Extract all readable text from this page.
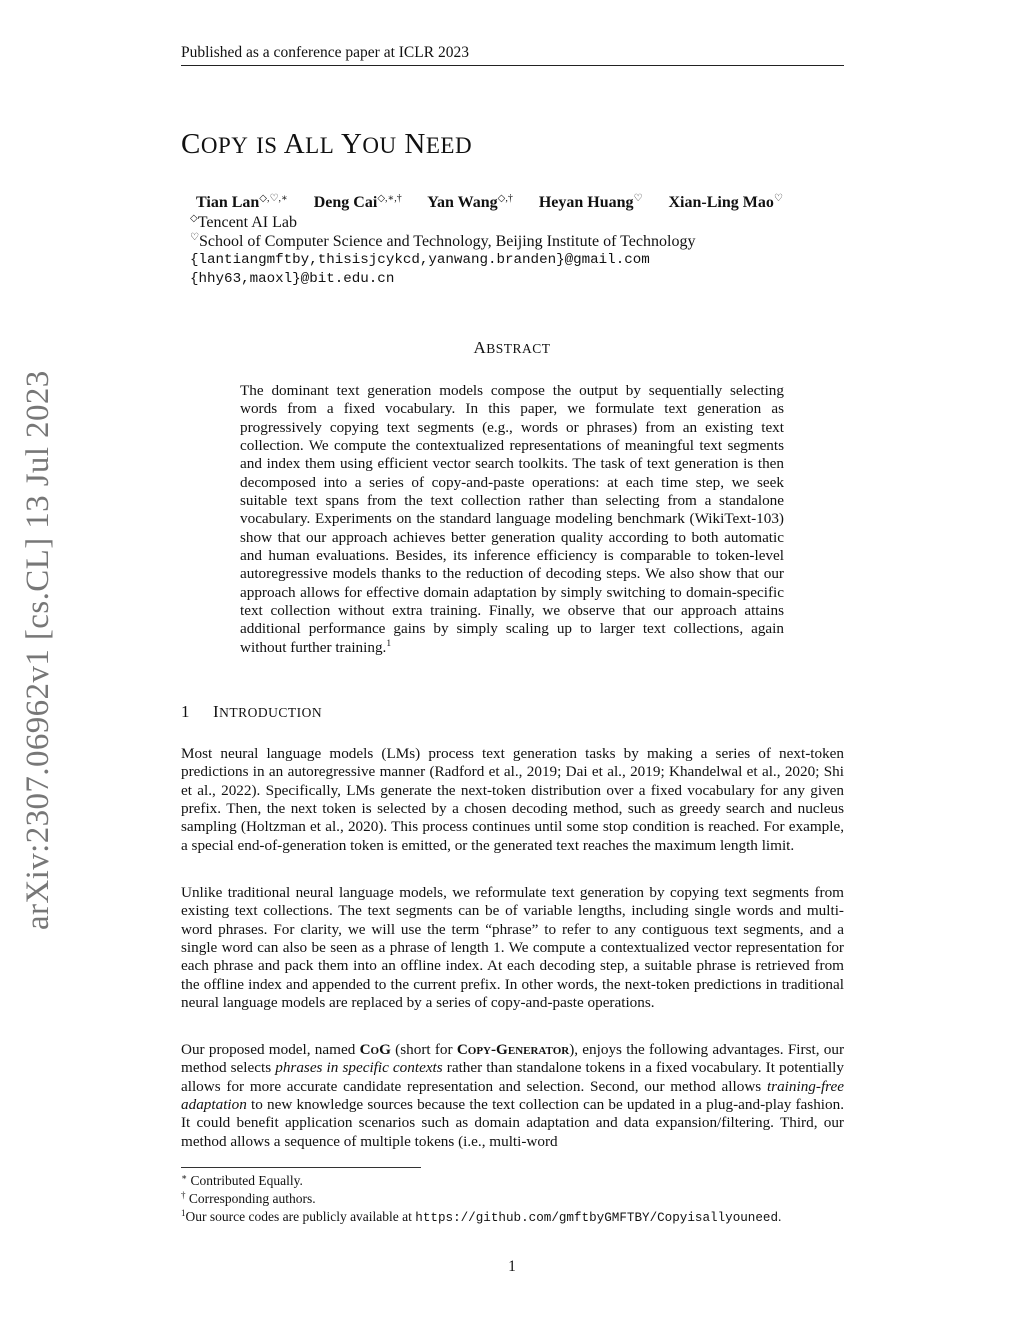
Published as a conference paper at ICLR 2023
arXiv:2307.06962v1 [cs.CL] 13 Jul 2023
COPY IS ALL YOU NEED
Tian Lan◇,♡,∗ Deng Cai◇,∗,† Yan Wang◇,† Heyan Huang♡ Xian-Ling Mao♡
◇Tencent AI Lab
♡School of Computer Science and Technology, Beijing Institute of Technology
{lantiangmftby,thisisjcykcd,yanwang.branden}@gmail.com
{hhy63,maoxl}@bit.edu.cn
ABSTRACT
The dominant text generation models compose the output by sequentially selecting words from a fixed vocabulary. In this paper, we formulate text generation as progressively copying text segments (e.g., words or phrases) from an existing text collection. We compute the contextualized representations of meaningful text segments and index them using efficient vector search toolkits. The task of text generation is then decomposed into a series of copy-and-paste operations: at each time step, we seek suitable text spans from the text collection rather than selecting from a standalone vocabulary. Experiments on the standard language modeling benchmark (WikiText-103) show that our approach achieves better generation quality according to both automatic and human evaluations. Besides, its inference efficiency is comparable to token-level autoregressive models thanks to the reduction of decoding steps. We also show that our approach allows for effective domain adaptation by simply switching to domain-specific text collection without extra training. Finally, we observe that our approach attains additional performance gains by simply scaling up to larger text collections, again without further training.$^1$
1 INTRODUCTION
Most neural language models (LMs) process text generation tasks by making a series of next-token predictions in an autoregressive manner (Radford et al., 2019; Dai et al., 2019; Khandelwal et al., 2020; Shi et al., 2022). Specifically, LMs generate the next-token distribution over a fixed vocabulary for any given prefix. Then, the next token is selected by a chosen decoding method, such as greedy search and nucleus sampling (Holtzman et al., 2020). This process continues until some stop condition is reached. For example, a special end-of-generation token is emitted, or the generated text reaches the maximum length limit.
Unlike traditional neural language models, we reformulate text generation by copying text segments from existing text collections. The text segments can be of variable lengths, including single words and multi-word phrases. For clarity, we will use the term “phrase” to refer to any contiguous text segments, and a single word can also be seen as a phrase of length 1. We compute a contextualized vector representation for each phrase and pack them into an offline index. At each decoding step, a suitable phrase is retrieved from the offline index and appended to the current prefix. In other words, the next-token predictions in traditional neural language models are replaced by a series of copy-and-paste operations.
Our proposed model, named CoG (short for Copy-Generator), enjoys the following advantages. First, our method selects phrases in specific contexts rather than standalone tokens in a fixed vocabulary. It potentially allows for more accurate candidate representation and selection. Second, our method allows training-free adaptation to new knowledge sources because the text collection can be updated in a plug-and-play fashion. It could benefit application scenarios such as domain adaptation and data expansion/filtering. Third, our method allows a sequence of multiple tokens (i.e., multi-word
∗ Contributed Equally.
† Corresponding authors.
$^1$Our source codes are publicly available at https://github.com/gmftbyGMFTBY/Copyisallyouneed.
1
